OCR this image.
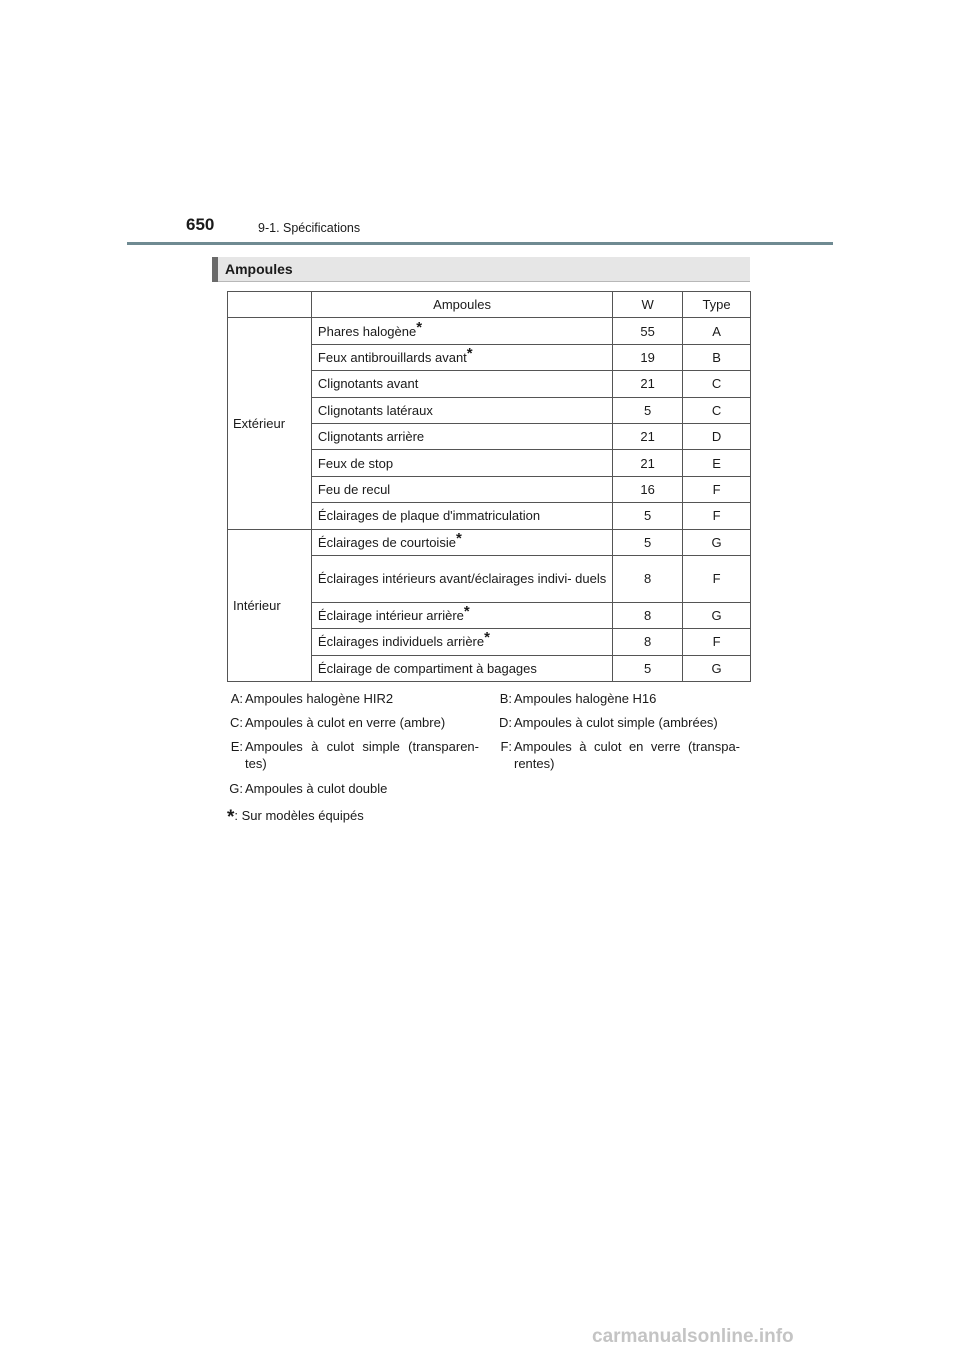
650	9-1. Spécifications
Ampoules
	Ampoules	W	Type
Extérieur	Phares halogène*	55	A
	Feux antibrouillards avant*	19	B
	Clignotants avant	21	C
	Clignotants latéraux	5	C
	Clignotants arrière	21	D
	Feux de stop	21	E
	Feu de recul	16	F
	Éclairages de plaque d'immatriculation	5	F
Intérieur	Éclairages de courtoisie*	5	G
	Éclairages intérieurs avant/éclairages indivi- duels	8	F
	Éclairage intérieur arrière*	8	G
	Éclairages individuels arrière*	8	F
	Éclairage de compartiment à bagages	5	G
A: Ampoules halogène HIR2	B: Ampoules halogène H16
C: Ampoules à culot en verre (ambre)	D: Ampoules à culot simple (ambrées)
E: Ampoules à culot simple (transparen- tes)
F: Ampoules à culot en verre (transpa- rentes)
G: Ampoules à culot double
*: Sur modèles équipés
carmanualsonline.info
